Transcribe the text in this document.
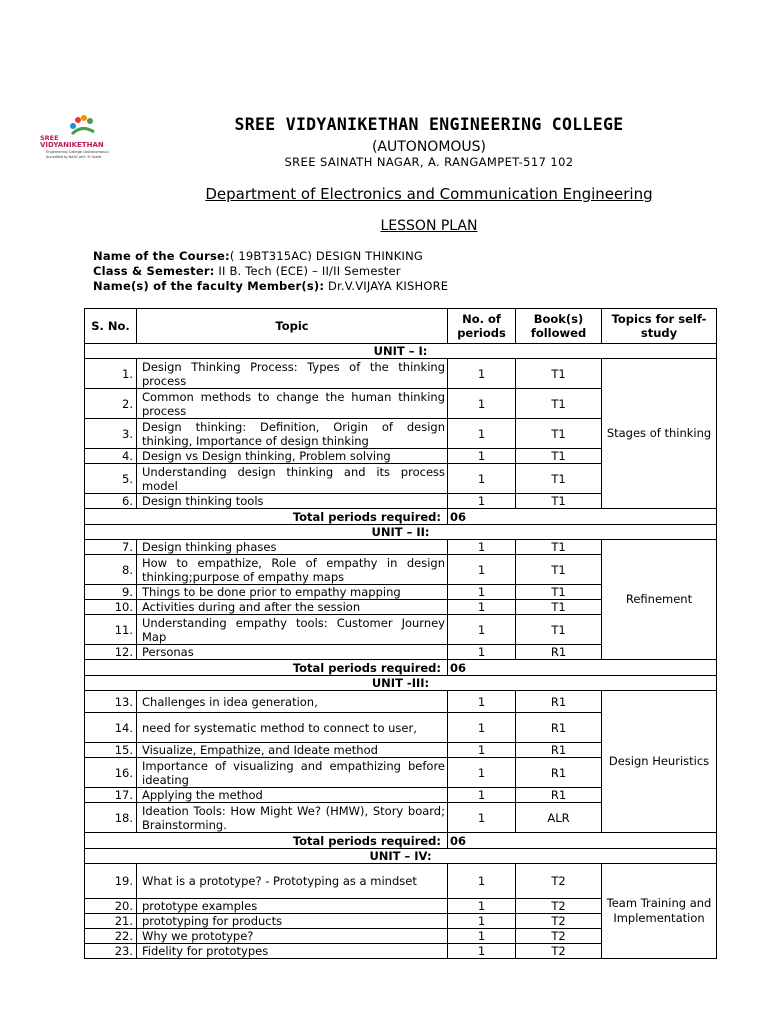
SREE
VIDYANIKETHAN
Engineering College (Autonomous)
Accredited by NAAC with 'A' Grade
SREE VIDYANIKETHAN ENGINEERING COLLEGE
(AUTONOMOUS)
SREE SAINATH NAGAR, A. RANGAMPET-517 102
Department of Electronics and Communication Engineering
LESSON PLAN
Name of the Course:( 19BT315AC) DESIGN THINKING
Class & Semester: II B. Tech (ECE) – II/II Semester
Name(s) of the faculty Member(s): Dr.V.VIJAYA KISHORE
S. No.	Topic	No. of periods	Book(s) followed	Topics for self-study
UNIT – I:				
1.	Design Thinking Process: Types of the thinking process	1	T1	Stages of thinking
2.	Common methods to change the human thinking process	1	T1	
3.	Design thinking: Definition, Origin of design thinking, Importance of design thinking	1	T1	
4.	Design vs Design thinking, Problem solving	1	T1	
5.	Understanding design thinking and its process model	1	T1	
6.	Design thinking tools	1	T1	
Total periods required:		06		
UNIT – II:				
7.	Design thinking phases	1	T1	Refinement
8.	How to empathize, Role of empathy in design thinking;purpose of empathy maps	1	T1	
9.	Things to be done prior to empathy mapping	1	T1	
10.	Activities during and after the session	1	T1	
11.	Understanding empathy tools: Customer Journey Map	1	T1	
12.	Personas	1	R1	
Total periods required:		06		
UNIT -III:				
13.	Challenges in idea generation,	1	R1	Design Heuristics
14.	need for systematic method to connect to user,	1	R1	
15.	Visualize, Empathize, and Ideate method	1	R1	
16.	Importance of visualizing and empathizing before ideating	1	R1	
17.	Applying the method	1	R1	
18.	Ideation Tools: How Might We? (HMW), Story board; Brainstorming.	1	ALR	
Total periods required:		06		
UNIT – IV:				
19.	What is a prototype? - Prototyping as a mindset	1	T2	Team Training and Implementation
20.	prototype examples	1	T2	
21.	prototyping for products	1	T2	
22.	Why we prototype?	1	T2	
23.	Fidelity for prototypes	1	T2	
